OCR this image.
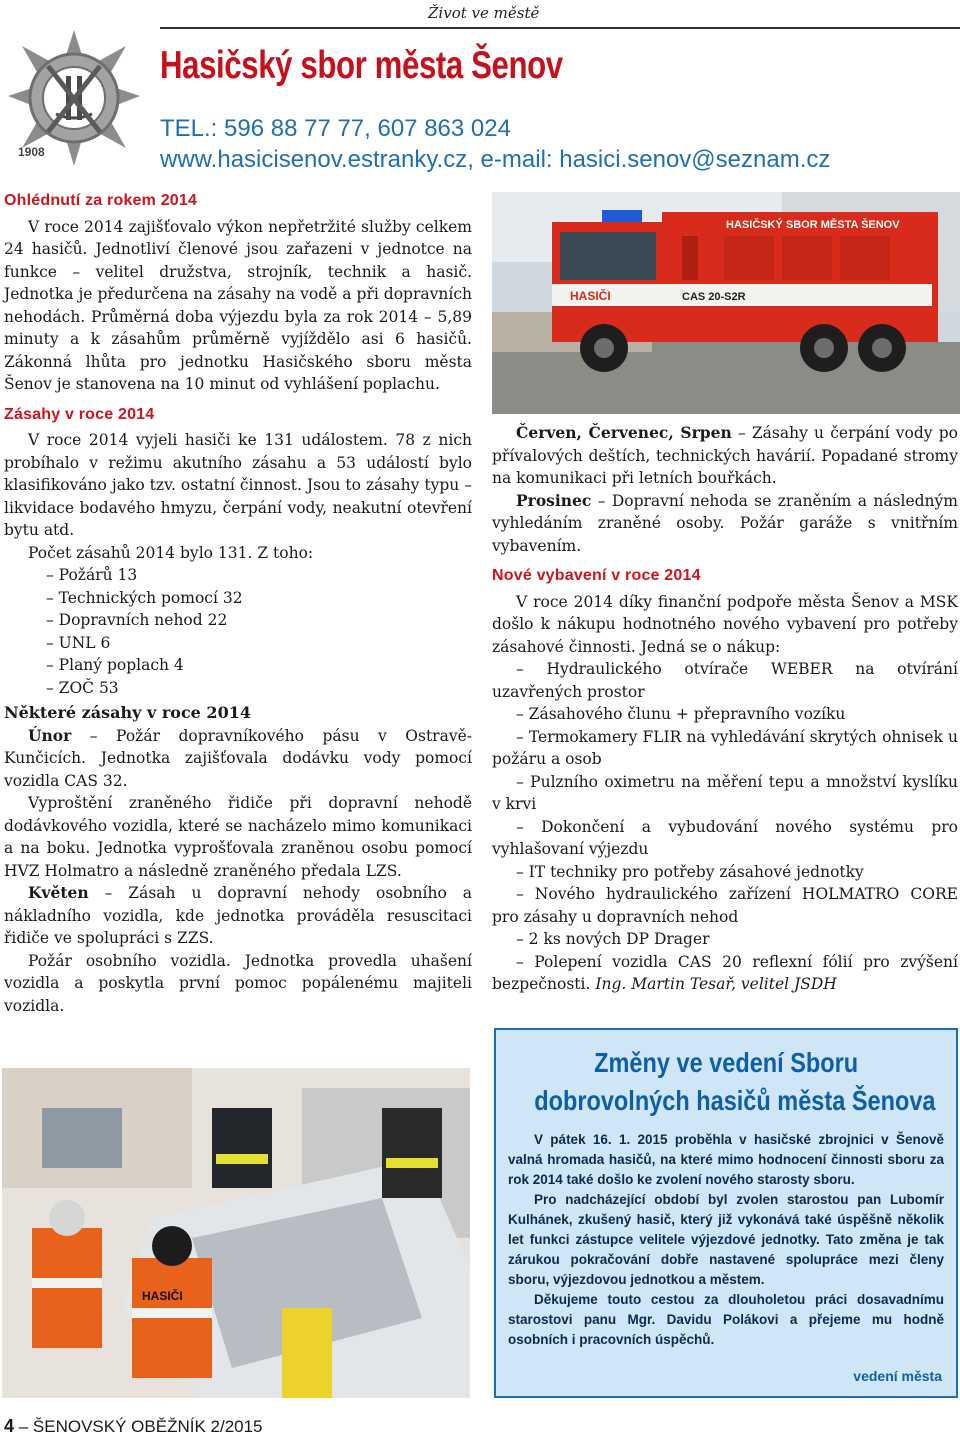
Život ve městě
1908
Hasičský sbor města Šenov
TEL.: 596 88 77 77, 607 863 024
www.hasicisenov.estranky.cz, e-mail: hasici.senov@seznam.cz
Ohlédnutí za rokem 2014

V roce 2014 zajišťovalo výkon nepřetržité služby celkem 24 hasičů. Jednotliví členové jsou zařazeni v jednotce na funkce – velitel družstva, strojník, technik a hasič. Jednotka je předurčena na zásahy na vodě a při dopravních nehodách. Průměrná doba výjezdu byla za rok 2014 – 5,89 minuty a k zásahům průměrně vyjíždělo asi 6 hasičů. Zákonná lhůta pro jednotku Hasičského sboru města Šenov je stanovena na 10 minut od vyhlášení poplachu.

Zásahy v roce 2014

V roce 2014 vyjeli hasiči ke 131 událostem. 78 z nich probíhalo v režimu akutního zásahu a 53 událostí bylo klasifikováno jako tzv. ostatní činnost. Jsou to zásahy typu – likvidace bodavého hmyzu, čerpání vody, neakutní otevření bytu atd.

Počet zásahů 2014 bylo 131. Z toho:

– Požárů 13
– Technických pomocí 32
– Dopravních nehod 22
– UNL 6
– Planý poplach 4
– ZOČ 53
Některé zásahy v roce 2014

Únor – Požár dopravníkového pásu v Ostravě-Kunčicích. Jednotka zajišťovala dodávku vody pomocí vozidla CAS 32.

Vyproštění zraněného řidiče při dopravní nehodě dodávkového vozidla, které se nacházelo mimo komunikaci a na boku. Jednotka vyprošťovala zraněnou osobu pomocí HVZ Holmatro a následně zraněného předala LZS.

Květen – Zásah u dopravní nehody osobního a nákladního vozidla, kde jednotka prováděla resuscitaci řidiče ve spolupráci s ZZS.

Požár osobního vozidla. Jednotka provedla uhašení vozidla a poskytla první pomoc popálenému majiteli vozidla.

HASIČI
HASIČSKÝ SBOR MĚSTA ŠENOV
CAS 20-S2R

Červen, Červenec, Srpen – Zásahy u čerpání vody po přívalových deštích, technických havárií. Popadané stromy na komunikaci při letních bouřkách.

Prosinec – Dopravní nehoda se zraněním a následným vyhledáním zraněné osoby. Požár garáže s vnitřním vybavením.

Nové vybavení v roce 2014

V roce 2014 díky finanční podpoře města Šenov a MSK došlo k nákupu hodnotného nového vybavení pro potřeby zásahové činnosti. Jedná se o nákup:

– Hydraulického otvírače WEBER na otvírání uzavřených prostor

– Zásahového člunu + přepravního vozíku

– Termokamery FLIR na vyhledávání skrytých ohnisek u požáru a osob

– Pulzního oximetru na měření tepu a množství kyslíku v krvi

– Dokončení a vybudování nového systému pro vyhlašovaní výjezdu

– IT techniky pro potřeby zásahové jednotky

– Nového hydraulického zařízení HOLMATRO CORE pro zásahy u dopravních nehod

– 2 ks nových DP Drager

– Polepení vozidla CAS 20 reflexní fólií pro zvýšení bezpečnosti. Ing. Martin Tesař, velitel JSDH

Změny ve vedení Sboru
dobrovolných hasičů města Šenova

V pátek 16. 1. 2015 proběhla v hasičské zbrojnici v Šenově valná hromada hasičů, na které mimo hodnocení činnosti sboru za rok 2014 také došlo ke zvolení nového starosty sboru.

Pro nadcházející období byl zvolen starostou pan Lubomír Kulhánek, zkušený hasič, který již vykonává také úspěšně několik let funkci zástupce velitele výjezdové jednotky. Tato změna je tak zárukou pokračování dobře nastavené spolupráce mezi členy sboru, výjezdovou jednotkou a městem.

Děkujeme touto cestou za dlouholetou práci dosavadnímu starostovi panu Mgr. Davidu Polákovi a přejeme mu hodně osobních i pracovních úspěchů.

vedení města
HASIČI
4 – ŠENOVSKÝ OBĚŽNÍK 2/2015
